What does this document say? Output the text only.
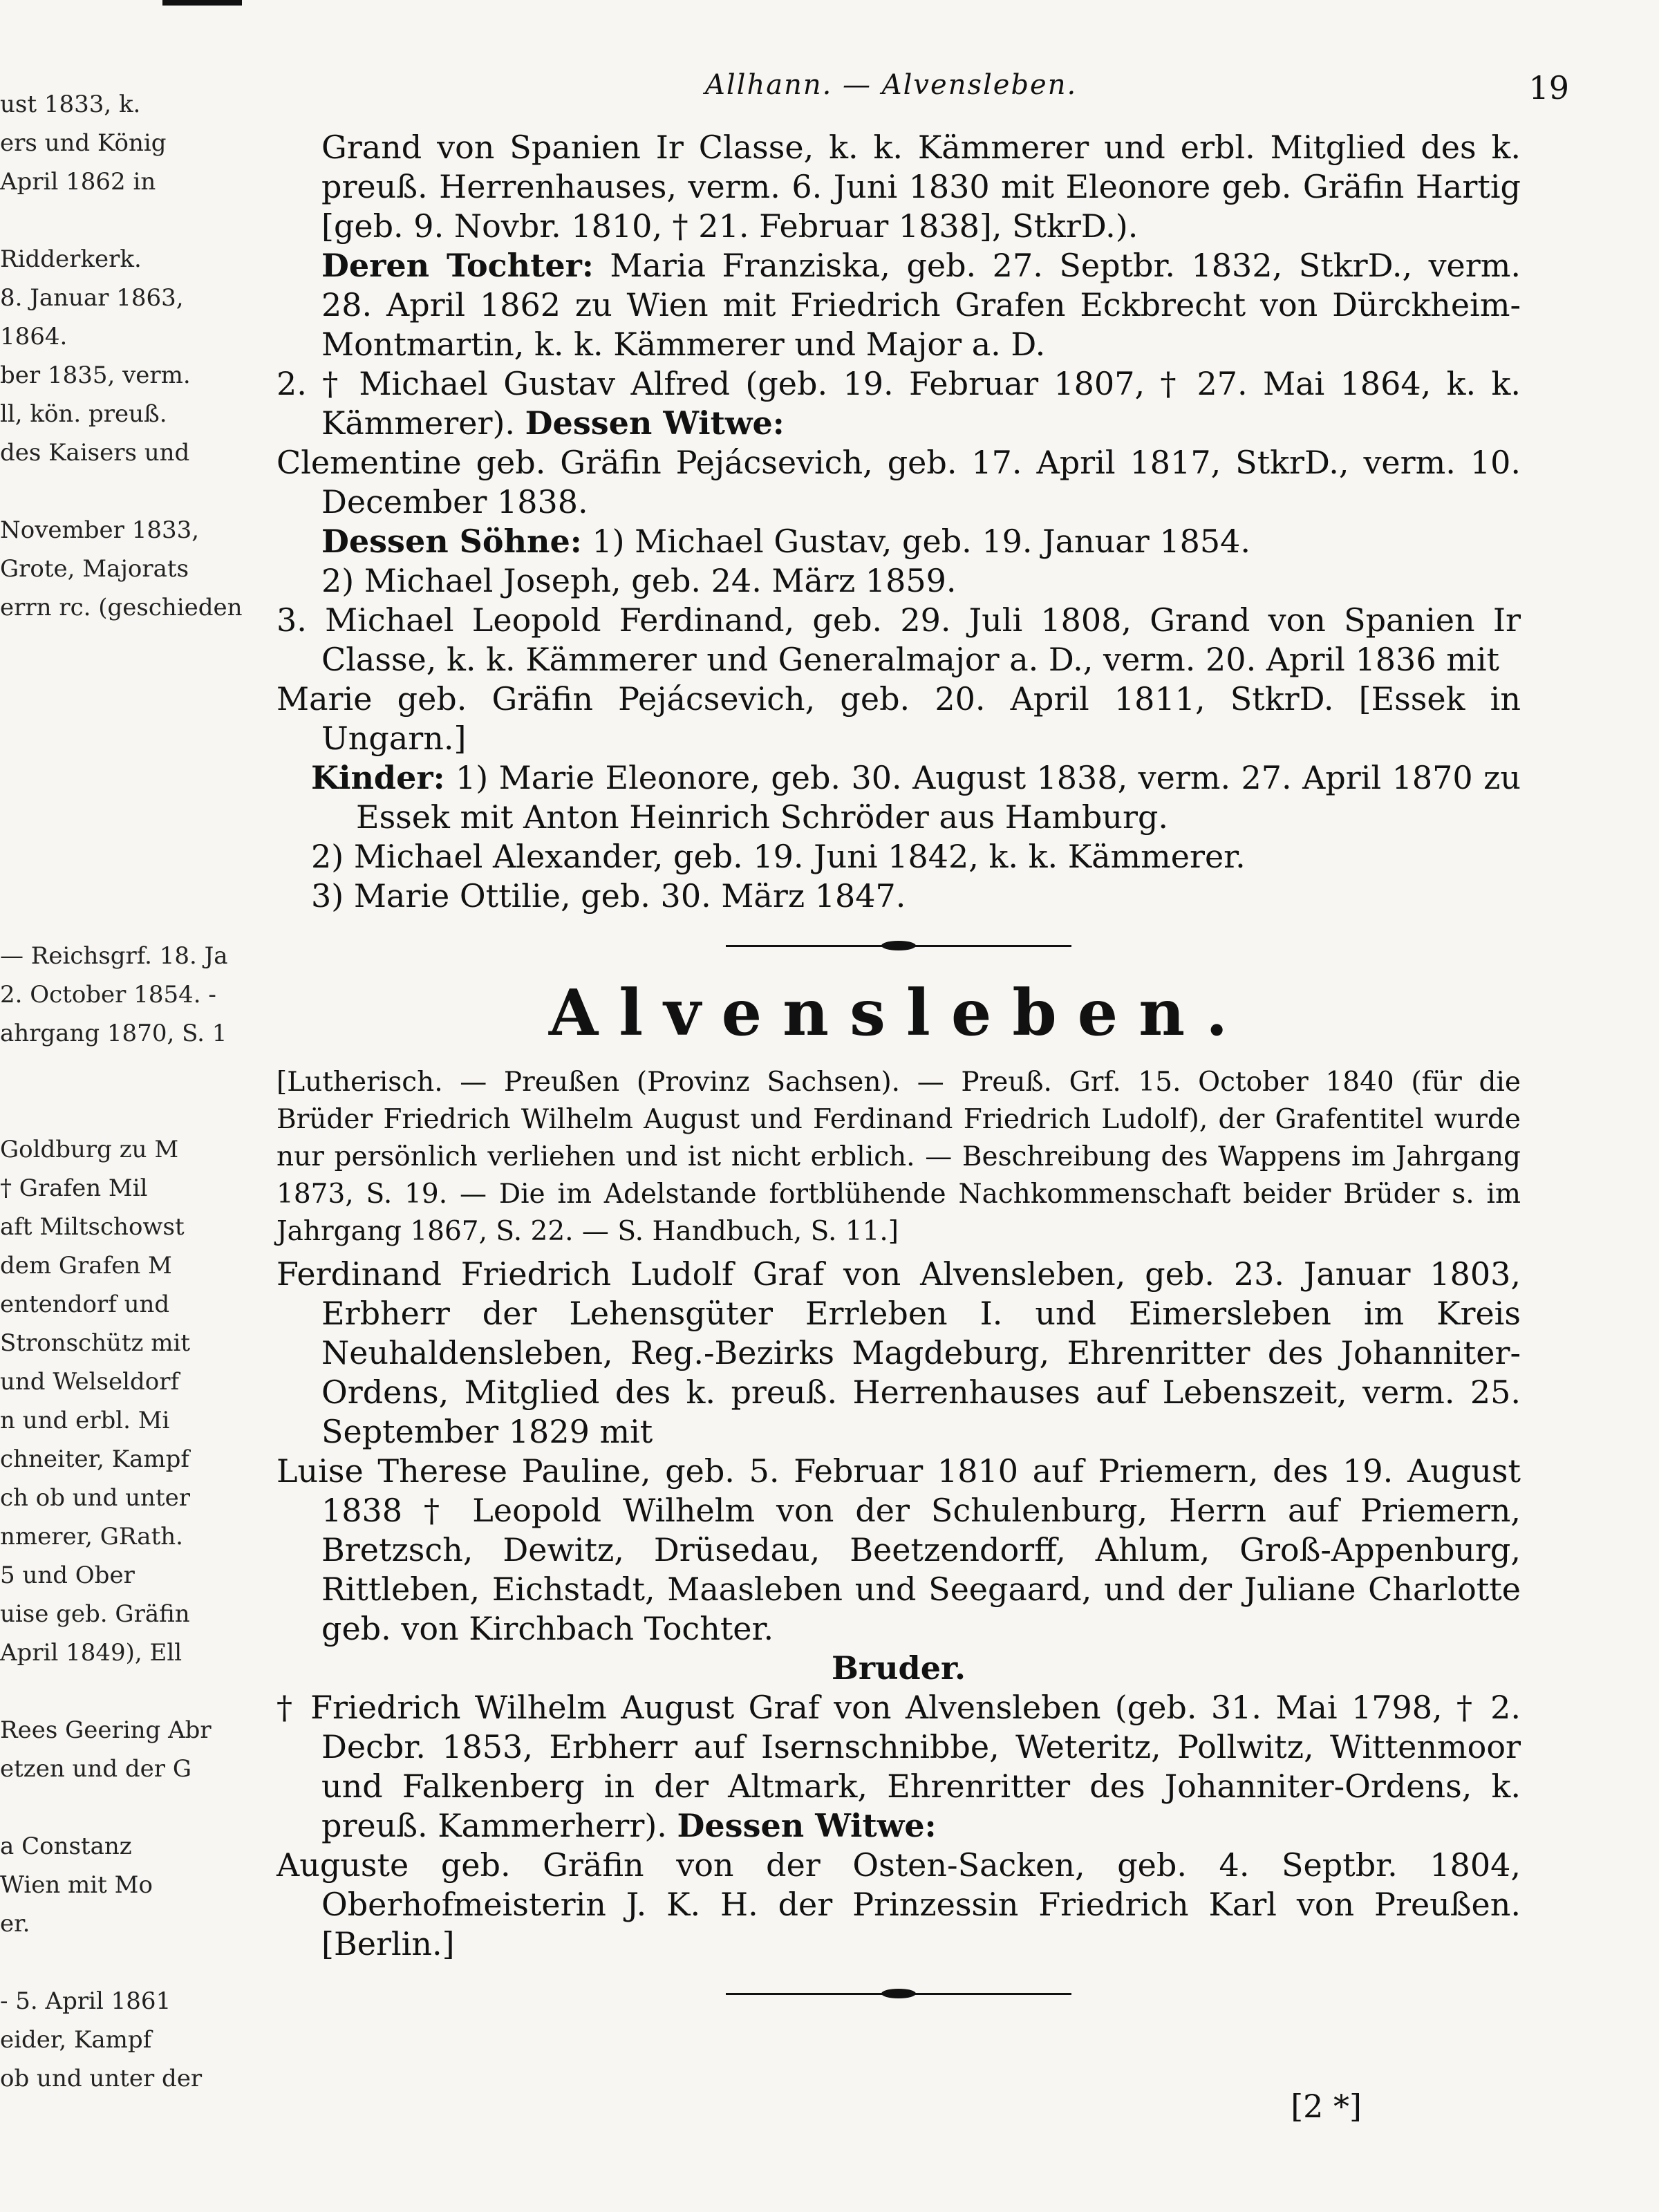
ust 1833, k.
ers und König
April 1862 in
Ridderkerk.
8. Januar 1863,
1864.
ber 1835, verm.
ll, kön. preuß.
des Kaisers und
November 1833,
Grote, Majorats
errn rc. (geschieden
— Reichsgrf. 18. Ja
2. October 1854. -
ahrgang 1870, S. 1
Goldburg zu M
† Grafen Mil
aft Miltschowst
dem Grafen M
entendorf und
Stronschütz mit
und Welseldorf
n und erbl. Mi
chneiter, Kampf
ch ob und unter
nmerer, GRath.
5 und Ober
uise geb. Gräfin
April 1849), Ell
Rees Geering Abr
etzen und der G
a Constanz
Wien mit Mo
er.
- 5. April 1861
eider, Kampf
ob und unter der
Allhann. — Alvensleben.	19

Grand von Spanien Ir Classe, k. k. Kämmerer und erbl. Mitglied des k. preuß. Herrenhauses, verm. 6. Juni 1830 mit Eleonore geb. Gräfin Hartig [geb. 9. Novbr. 1810, † 21. Februar 1838], StkrD.).

Deren Tochter: Maria Franziska, geb. 27. Septbr. 1832, StkrD., verm. 28. April 1862 zu Wien mit Friedrich Grafen Eckbrecht von Dürckheim-Montmartin, k. k. Kämmerer und Major a. D.

2. † Michael Gustav Alfred (geb. 19. Februar 1807, † 27. Mai 1864, k. k. Kämmerer). Dessen Witwe:

Clementine geb. Gräfin Pejácsevich, geb. 17. April 1817, StkrD., verm. 10. December 1838.

Dessen Söhne: 1) Michael Gustav, geb. 19. Januar 1854.

2) Michael Joseph, geb. 24. März 1859.

3. Michael Leopold Ferdinand, geb. 29. Juli 1808, Grand von Spanien Ir Classe, k. k. Kämmerer und Generalmajor a. D., verm. 20. April 1836 mit

Marie geb. Gräfin Pejácsevich, geb. 20. April 1811, StkrD. [Essek in Ungarn.]

Kinder: 1) Marie Eleonore, geb. 30. August 1838, verm. 27. April 1870 zu Essek mit Anton Heinrich Schröder aus Hamburg.

2) Michael Alexander, geb. 19. Juni 1842, k. k. Kämmerer.

3) Marie Ottilie, geb. 30. März 1847.

Alvensleben.

[Lutherisch. — Preußen (Provinz Sachsen). — Preuß. Grf. 15. October 1840 (für die Brüder Friedrich Wilhelm August und Ferdinand Friedrich Ludolf), der Grafentitel wurde nur persönlich verliehen und ist nicht erblich. — Beschreibung des Wappens im Jahrgang 1873, S. 19. — Die im Adelstande fortblühende Nachkommenschaft beider Brüder s. im Jahrgang 1867, S. 22. — S. Handbuch, S. 11.]

Ferdinand Friedrich Ludolf Graf von Alvensleben, geb. 23. Januar 1803, Erbherr der Lehensgüter Errleben I. und Eimersleben im Kreis Neuhaldensleben, Reg.-Bezirks Magdeburg, Ehrenritter des Johanniter-Ordens, Mitglied des k. preuß. Herrenhauses auf Lebenszeit, verm. 25. September 1829 mit

Luise Therese Pauline, geb. 5. Februar 1810 auf Priemern, des 19. August 1838 † Leopold Wilhelm von der Schulenburg, Herrn auf Priemern, Bretzsch, Dewitz, Drüsedau, Beetzendorff, Ahlum, Groß-Appenburg, Rittleben, Eichstadt, Maasleben und Seegaard, und der Juliane Charlotte geb. von Kirchbach Tochter.

Bruder.

† Friedrich Wilhelm August Graf von Alvensleben (geb. 31. Mai 1798, † 2. Decbr. 1853, Erbherr auf Isernschnibbe, Weteritz, Pollwitz, Wittenmoor und Falkenberg in der Altmark, Ehrenritter des Johanniter-Ordens, k. preuß. Kammerherr). Dessen Witwe:

Auguste geb. Gräfin von der Osten-Sacken, geb. 4. Septbr. 1804, Oberhofmeisterin J. K. H. der Prinzessin Friedrich Karl von Preußen. [Berlin.]

[2 *]
